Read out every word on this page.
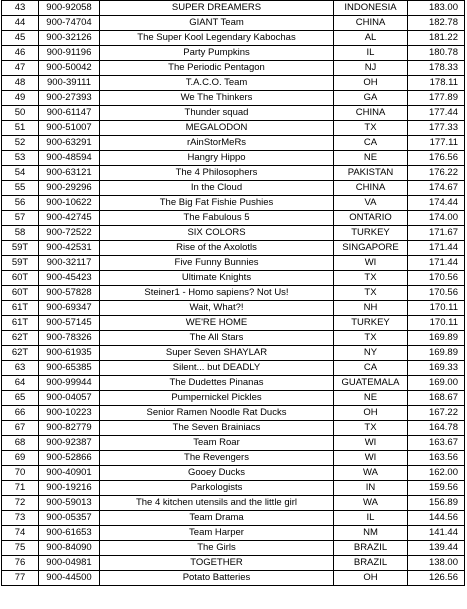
43	900-92058	SUPER DREAMERS	INDONESIA	183.00
44	900-74704	GIANT Team	CHINA	182.78
45	900-32126	The Super Kool Legendary Kabochas	AL	181.22
46	900-91196	Party Pumpkins	IL	180.78
47	900-50042	The Periodic Pentagon	NJ	178.33
48	900-39111	T.A.C.O. Team	OH	178.11
49	900-27393	We The Thinkers	GA	177.89
50	900-61147	Thunder squad	CHINA	177.44
51	900-51007	MEGALODON	TX	177.33
52	900-63291	rAinStorMeRs	CA	177.11
53	900-48594	Hangry Hippo	NE	176.56
54	900-63121	The 4 Philosophers	PAKISTAN	176.22
55	900-29296	In the Cloud	CHINA	174.67
56	900-10622	The Big Fat Fishie Pushies	VA	174.44
57	900-42745	The Fabulous 5	ONTARIO	174.00
58	900-72522	SIX COLORS	TURKEY	171.67
59T	900-42531	Rise of the Axolotls	SINGAPORE	171.44
59T	900-32117	Five Funny Bunnies	WI	171.44
60T	900-45423	Ultimate Knights	TX	170.56
60T	900-57828	Steiner1 - Homo sapiens? Not Us!	TX	170.56
61T	900-69347	Wait, What?!	NH	170.11
61T	900-57145	WE'RE HOME	TURKEY	170.11
62T	900-78326	The All Stars	TX	169.89
62T	900-61935	Super Seven SHAYLAR	NY	169.89
63	900-65385	Silent... but DEADLY	CA	169.33
64	900-99944	The Dudettes Pinanas	GUATEMALA	169.00
65	900-04057	Pumpernickel Pickles	NE	168.67
66	900-10223	Senior Ramen Noodle Rat Ducks	OH	167.22
67	900-82779	The Seven Brainiacs	TX	164.78
68	900-92387	Team Roar	WI	163.67
69	900-52866	The Revengers	WI	163.56
70	900-40901	Gooey Ducks	WA	162.00
71	900-19216	Parkologists	IN	159.56
72	900-59013	The 4 kitchen utensils and the little girl	WA	156.89
73	900-05357	Team Drama	IL	144.56
74	900-61653	Team Harper	NM	141.44
75	900-84090	The Girls	BRAZIL	139.44
76	900-04981	TOGETHER	BRAZIL	138.00
77	900-44500	Potato Batteries	OH	126.56
